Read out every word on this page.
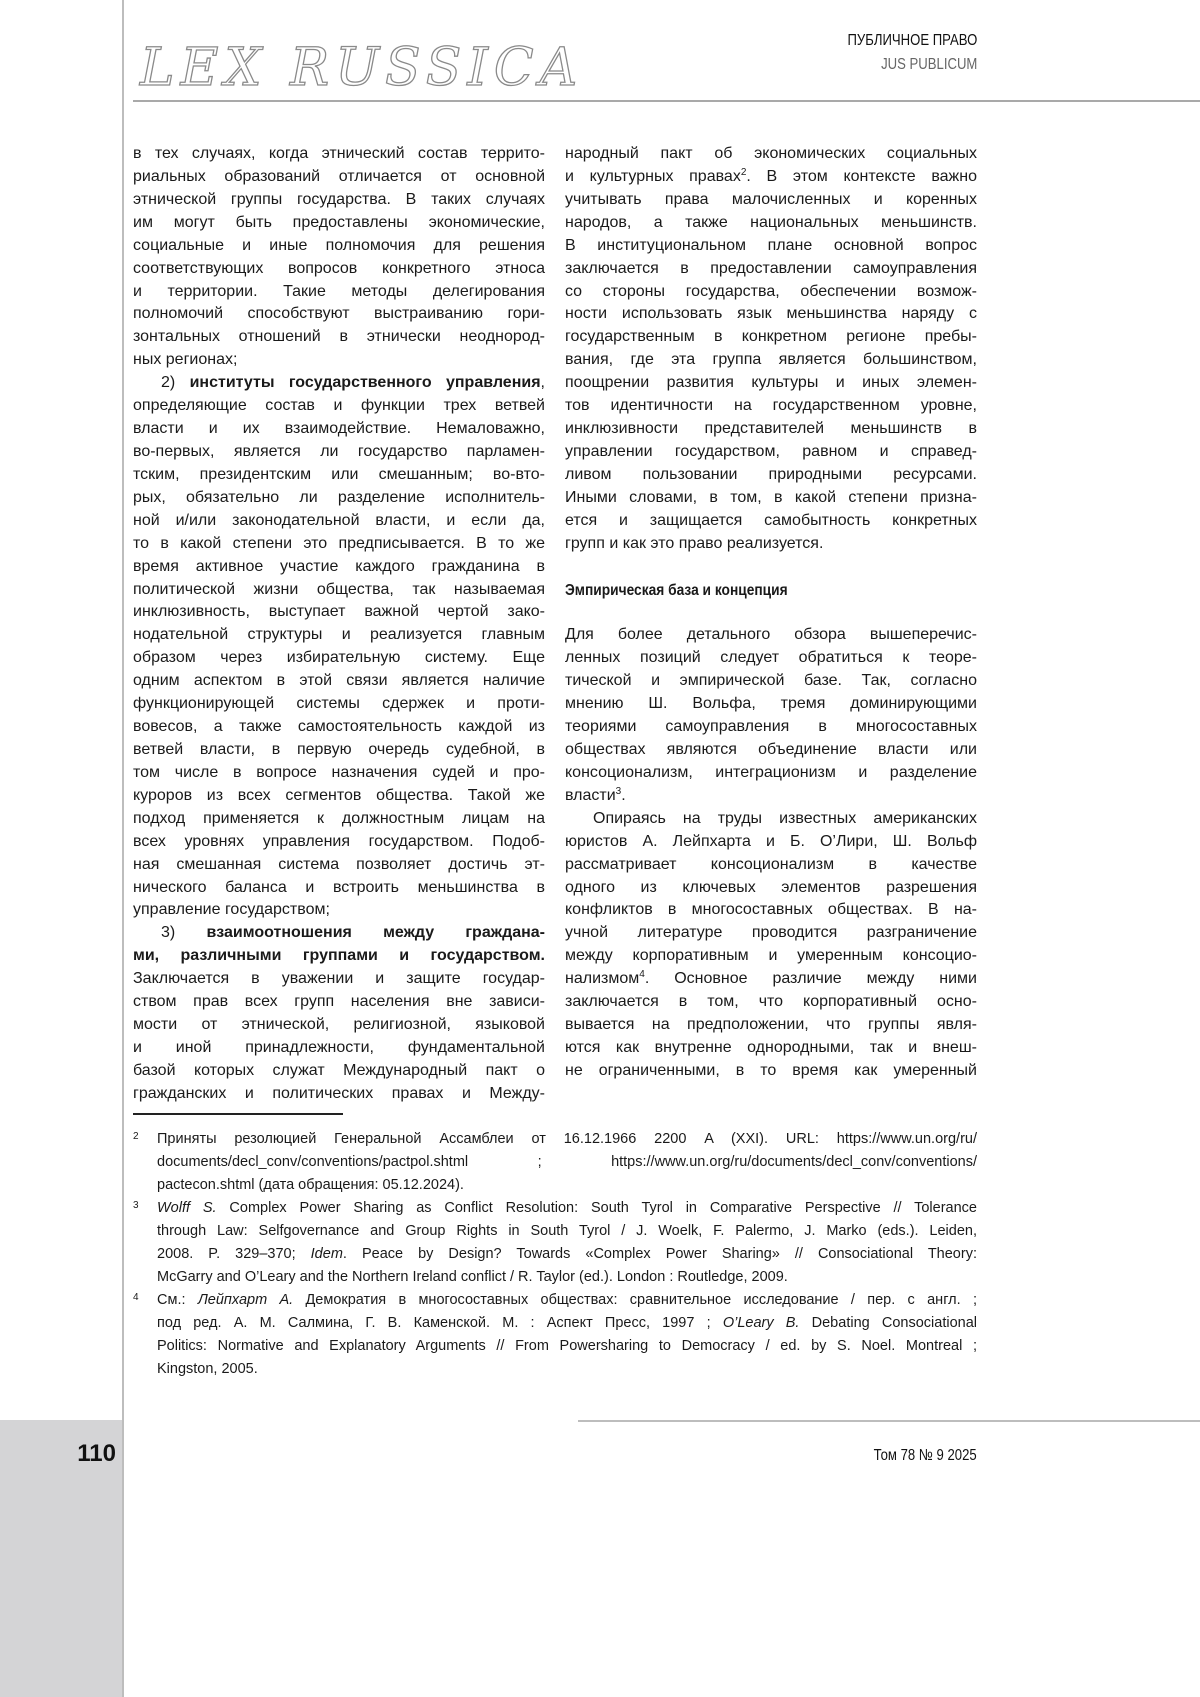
LEX RUSSICA	ПУБЛИЧНОЕ ПРАВО
JUS PUBLICUM
в тех случаях, когда этнический состав террито-
риальных образований отличается от основной
этнической группы государства. В таких случаях
им могут быть предоставлены экономические,
социальные и иные полномочия для решения
соответствующих вопросов конкретного этноса
и территории. Такие методы делегирования
полномочий способствуют выстраиванию гори-
зонтальных отношений в этнически неоднород-
ных регионах;
2) институты государственного управления,
определяющие состав и функции трех ветвей
власти и их взаимодействие. Немаловажно,
во-первых, является ли государство парламен-
тским, президентским или смешанным; во-вто-
рых, обязательно ли разделение исполнитель-
ной и/или законодательной власти, и если да,
то в какой степени это предписывается. В то же
время активное участие каждого гражданина в
политической жизни общества, так называемая
инклюзивность, выступает важной чертой зако-
нодательной структуры и реализуется главным
образом через избирательную систему. Еще
одним аспектом в этой связи является наличие
функционирующей системы сдержек и проти-
вовесов, а также самостоятельность каждой из
ветвей власти, в первую очередь судебной, в
том числе в вопросе назначения судей и про-
куроров из всех сегментов общества. Такой же
подход применяется к должностным лицам на
всех уровнях управления государством. Подоб-
ная смешанная система позволяет достичь эт-
нического баланса и встроить меньшинства в
управление государством;
3) взаимоотношения между граждана-
ми, различными группами и государством.
Заключается в уважении и защите государ-
ством прав всех групп населения вне зависи-
мости от этнической, религиозной, языковой
и иной принадлежности, фундаментальной
базой которых служат Международный пакт о
гражданских и политических правах и Между-
народный пакт об экономических социальных
и культурных правах$^2$. В этом контексте важно
учитывать права малочисленных и коренных
народов, а также национальных меньшинств.
В институциональном плане основной вопрос
заключается в предоставлении самоуправления
со стороны государства, обеспечении возмож-
ности использовать язык меньшинства наряду с
государственным в конкретном регионе пребы-
вания, где эта группа является большинством,
поощрении развития культуры и иных элемен-
тов идентичности на государственном уровне,
инклюзивности представителей меньшинств в
управлении государством, равном и справед-
ливом пользовании природными ресурсами.
Иными словами, в том, в какой степени призна-
ется и защищается самобытность конкретных
групп и как это право реализуется.
Эмпирическая база и концепция
Для более детального обзора вышеперечис-
ленных позиций следует обратиться к теоре-
тической и эмпирической базе. Так, согласно
мнению Ш. Вольфа, тремя доминирующими
теориями самоуправления в многосоставных
обществах являются объединение власти или
консоционализм, интеграционизм и разделение
власти$^3$.
Опираясь на труды известных американских
юристов А. Лейпхарта и Б. О’Лири, Ш. Вольф
рассматривает консоционализм в качестве
одного из ключевых элементов разрешения
конфликтов в многосоставных обществах. В на-
учной литературе проводится разграничение
между корпоративным и умеренным консоцио-
нализмом$^4$. Основное различие между ними
заключается в том, что корпоративный осно-
вывается на предположении, что группы явля-
ются как внутренне однородными, так и внеш-
не ограниченными, в то время как умеренный
2 Приняты резолюцией Генеральной Ассамблеи от 16.12.1966 2200 A (XXI). URL: https://www.un.org/ru/
documents/decl_conv/conventions/pactpol.shtml ; https://www.un.org/ru/documents/decl_conv/conventions/
pactecon.shtml (дата обращения: 05.12.2024).
3 Wolff S. Complex Power Sharing as Conflict Resolution: South Tyrol in Comparative Perspective // Tolerance
through Law: Selfgovernance and Group Rights in South Tyrol / J. Woelk, F. Palermo, J. Marko (eds.). Leiden,
2008. P. 329–370; Idem. Peace by Design? Towards «Complex Power Sharing» // Consociational Theory:
McGarry and O’Leary and the Northern Ireland conflict / R. Taylor (ed.). London : Routledge, 2009.
4 См.: Лейпхарт А. Демократия в многосоставных обществах: сравнительное исследование / пер. с англ. ;
под ред. А. М. Салмина, Г. В. Каменской. М. : Аспект Пресс, 1997 ; O’Leary B. Debating Consociational
Politics: Normative and Explanatory Arguments // From Powersharing to Democracy / ed. by S. Noel. Montreal ;
Kingston, 2005.
110	Том 78 № 9 2025
